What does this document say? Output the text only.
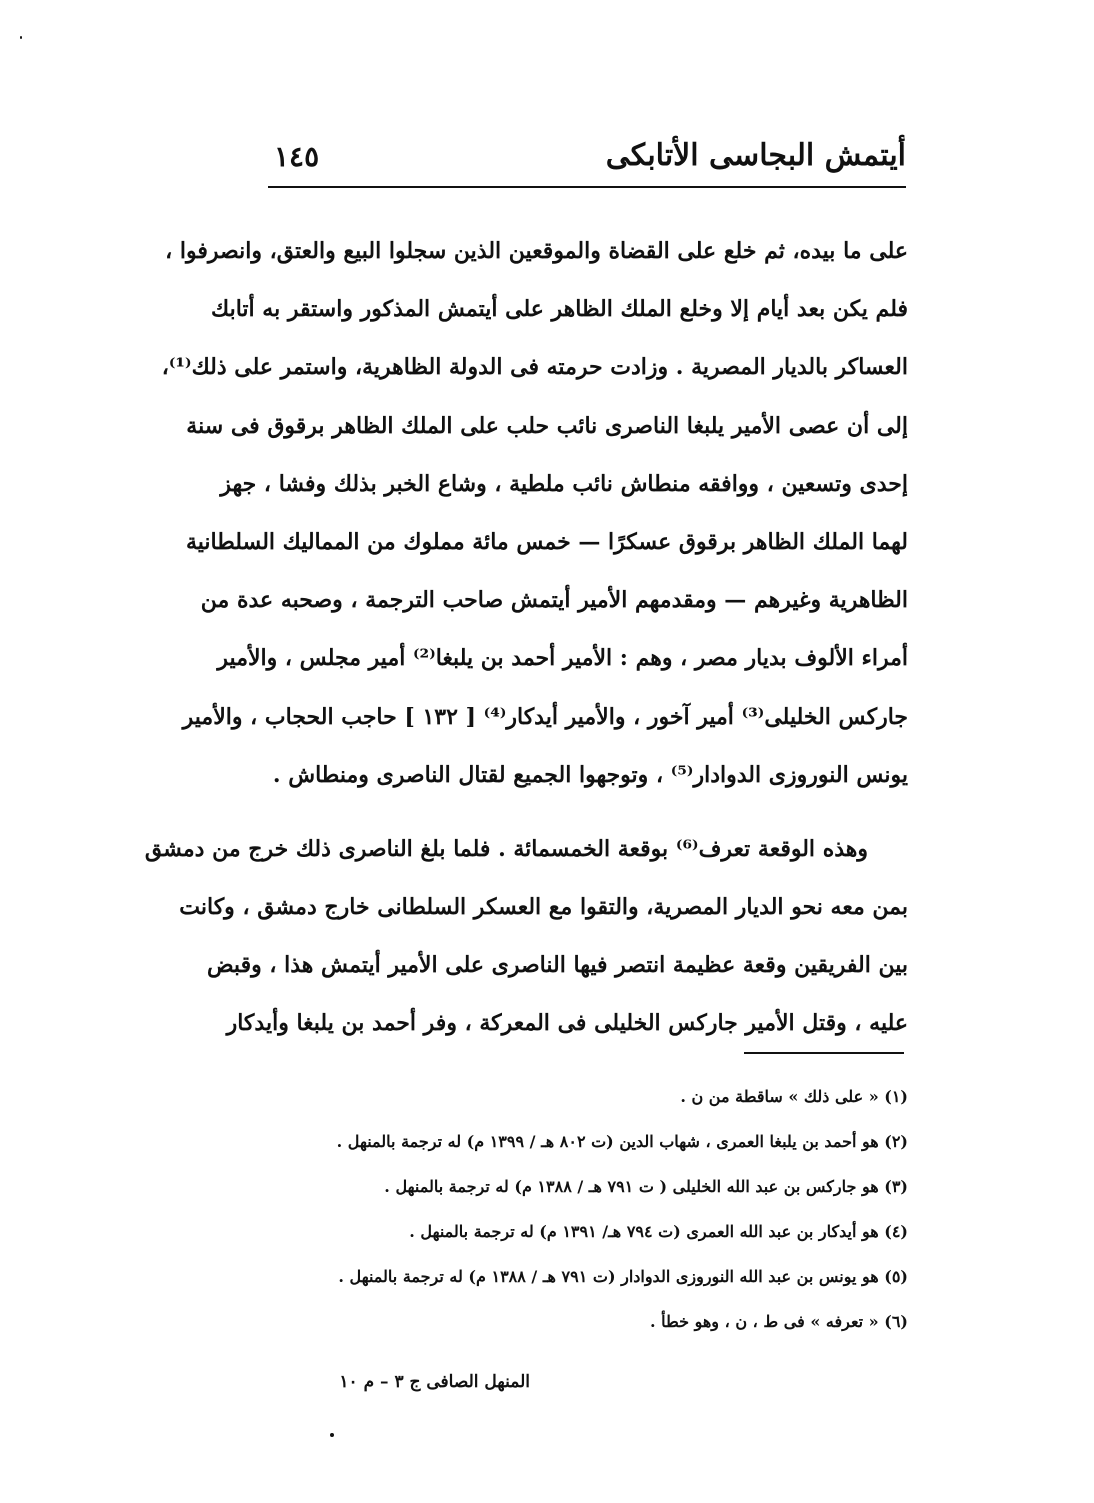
أيتمش البجاسى الأتابكى
١٤٥
على ما بيده، ثم خلع على القضاة والموقعين الذين سجلوا البيع والعتق، وانصرفوا ،
فلم يكن بعد أيام إلا وخلع الملك الظاهر على أيتمش المذكور واستقر به أتابك
العساكر بالديار المصرية . وزادت حرمته فى الدولة الظاهرية، واستمر على ذلك⁽¹⁾،
إلى أن عصى الأمير يلبغا الناصرى نائب حلب على الملك الظاهر برقوق فى سنة
إحدى وتسعين ، ووافقه منطاش نائب ملطية ، وشاع الخبر بذلك وفشا ، جهز
لهما الملك الظاهر برقوق عسكرًا — خمس مائة مملوك من المماليك السلطانية
الظاهرية وغيرهم — ومقدمهم الأمير أيتمش صاحب الترجمة ، وصحبه عدة من
أمراء الألوف بديار مصر ، وهم : الأمير أحمد بن يلبغا⁽²⁾ أمير مجلس ، والأمير
جاركس الخليلى⁽³⁾ أمير آخور ، والأمير أيدكار⁽⁴⁾ [ ١٣٢ ] حاجب الحجاب ، والأمير
يونس النوروزى الدوادار⁽⁵⁾ ، وتوجهوا الجميع لقتال الناصرى ومنطاش .
وهذه الوقعة تعرف⁽⁶⁾ بوقعة الخمسمائة . فلما بلغ الناصرى ذلك خرج من دمشق
بمن معه نحو الديار المصرية، والتقوا مع العسكر السلطانى خارج دمشق ، وكانت
بين الفريقين وقعة عظيمة انتصر فيها الناصرى على الأمير أيتمش هذا ، وقبض
عليه ، وقتل الأمير جاركس الخليلى فى المعركة ، وفر أحمد بن يلبغا وأيدكار
(١) « على ذلك » ساقطة من ن .
(٢) هو أحمد بن يلبغا العمرى ، شهاب الدين (ت ٨٠٢ هـ / ١٣٩٩ م) له ترجمة بالمنهل .
(٣) هو جاركس بن عبد الله الخليلى ( ت ٧٩١ هـ / ١٣٨٨ م) له ترجمة بالمنهل .
(٤) هو أيدكار بن عبد الله العمرى (ت ٧٩٤ هـ/ ١٣٩١ م) له ترجمة بالمنهل .
(٥) هو يونس بن عبد الله النوروزى الدوادار (ت ٧٩١ هـ / ١٣٨٨ م) له ترجمة بالمنهل .
(٦) « تعرفه » فى ط ، ن ، وهو خطأ .
المنهل الصافى ج ٣ – م ١٠
